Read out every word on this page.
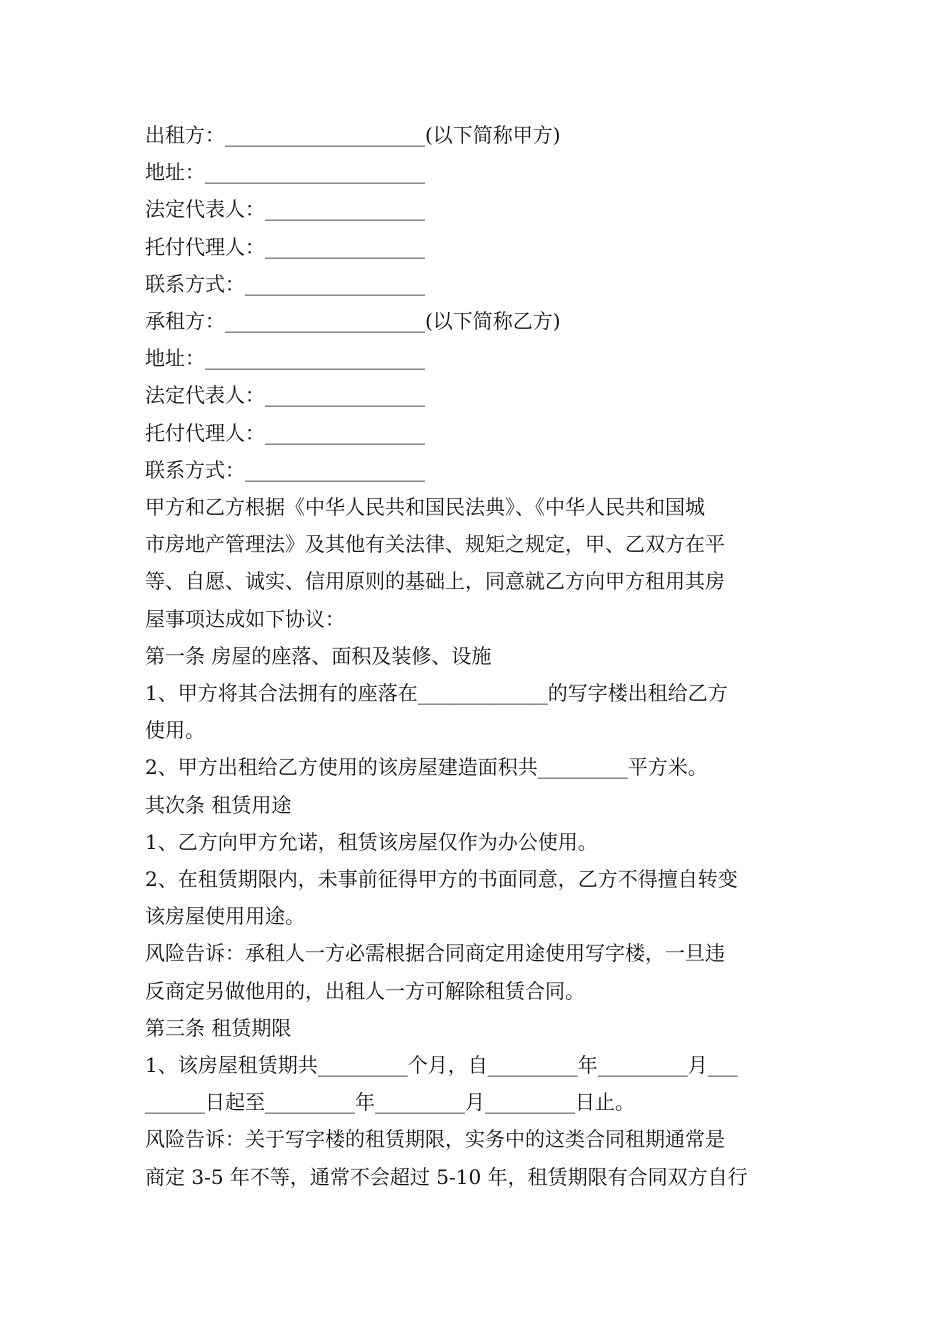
出租方：____________________(以下简称甲方)
地址：______________________
法定代表人：________________
托付代理人：________________
联系方式：__________________
承租方：____________________(以下简称乙方)
地址：______________________
法定代表人：________________
托付代理人：________________
联系方式：__________________
甲方和乙方根据《中华人民共和国民法典》、《中华人民共和国城
市房地产管理法》及其他有关法律、规矩之规定，甲、乙双方在平
等、自愿、诚实、信用原则的基础上，同意就乙方向甲方租用其房
屋事项达成如下协议：
第一条 房屋的座落、面积及装修、设施
1、甲方将其合法拥有的座落在_____________的写字楼出租给乙方
使用。
2、甲方出租给乙方使用的该房屋建造面积共_________平方米。
其次条 租赁用途
1、乙方向甲方允诺，租赁该房屋仅作为办公使用。
2、在租赁期限内，未事前征得甲方的书面同意，乙方不得擅自转变
该房屋使用用途。
风险告诉：承租人一方必需根据合同商定用途使用写字楼，一旦违
反商定另做他用的，出租人一方可解除租赁合同。
第三条 租赁期限
1、该房屋租赁期共_________个月，自_________年_________月___
______日起至_________年_________月_________日止。
风险告诉：关于写字楼的租赁期限，实务中的这类合同租期通常是
商定 3-5 年不等，通常不会超过 5-10 年，租赁期限有合同双方自行
